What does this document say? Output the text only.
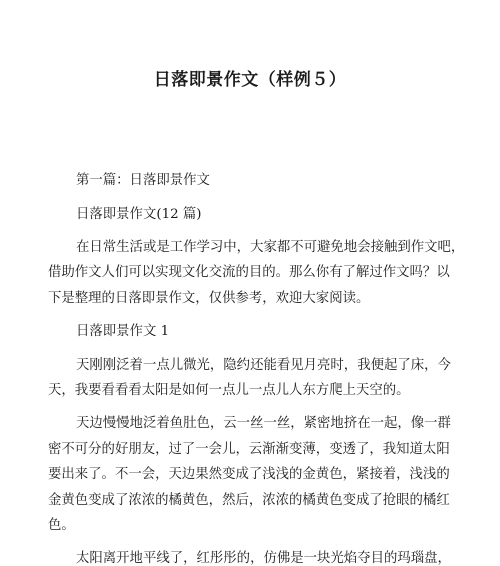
日落即景作文（样例５）
第一篇：日落即景作文
日落即景作文(12 篇)
在日常生活或是工作学习中，大家都不可避免地会接触到作文吧，
借助作文人们可以实现文化交流的目的。那么你有了解过作文吗？以
下是整理的日落即景作文，仅供参考，欢迎大家阅读。
日落即景作文 1
天刚刚泛着一点儿微光，隐约还能看见月亮时，我便起了床，今
天，我要看看看太阳是如何一点儿一点儿人东方爬上天空的。
天边慢慢地泛着鱼肚色，云一丝一丝，紧密地挤在一起，像一群
密不可分的好朋友，过了一会儿，云渐渐变薄，变透了，我知道太阳
要出来了。不一会，天边果然变成了浅浅的金黄色，紧接着，浅浅的
金黄色变成了浓浓的橘黄色，然后，浓浓的橘黄色变成了抢眼的橘红
色。
太阳离开地平线了，红彤彤的，仿佛是一块光焰夺目的玛瑙盘，
